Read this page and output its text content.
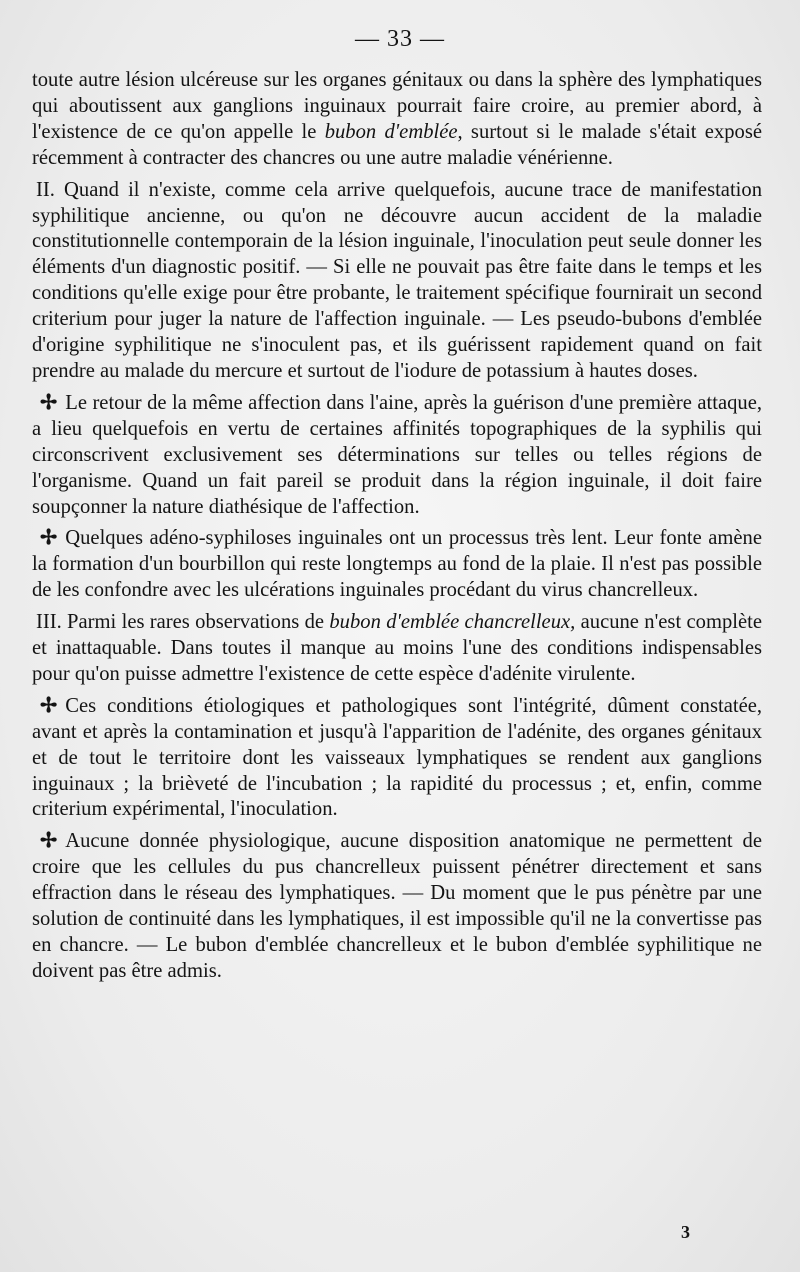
— 33 —

toute autre lésion ulcéreuse sur les organes génitaux ou dans la sphère des lymphatiques qui aboutissent aux ganglions inguinaux pourrait faire croire, au premier abord, à l'existence de ce qu'on appelle le bubon d'emblée, surtout si le malade s'était exposé récemment à contracter des chancres ou une autre maladie vénérienne.

II. Quand il n'existe, comme cela arrive quelquefois, aucune trace de manifestation syphilitique ancienne, ou qu'on ne découvre aucun accident de la maladie constitutionnelle contemporain de la lésion inguinale, l'inoculation peut seule donner les éléments d'un diagnostic positif. — Si elle ne pouvait pas être faite dans le temps et les conditions qu'elle exige pour être probante, le traitement spécifique fournirait un second criterium pour juger la nature de l'affection inguinale. — Les pseudo-bubons d'emblée d'origine syphilitique ne s'inoculent pas, et ils guérissent rapidement quand on fait prendre au malade du mercure et surtout de l'iodure de potassium à hautes doses.

✢ Le retour de la même affection dans l'aine, après la guérison d'une première attaque, a lieu quelquefois en vertu de certaines affinités topographiques de la syphilis qui circonscrivent exclusivement ses déterminations sur telles ou telles régions de l'organisme. Quand un fait pareil se produit dans la région inguinale, il doit faire soupçonner la nature diathésique de l'affection.

✢ Quelques adéno-syphiloses inguinales ont un processus très lent. Leur fonte amène la formation d'un bourbillon qui reste longtemps au fond de la plaie. Il n'est pas possible de les confondre avec les ulcérations inguinales procédant du virus chancrelleux.

III. Parmi les rares observations de bubon d'emblée chancrelleux, aucune n'est complète et inattaquable. Dans toutes il manque au moins l'une des conditions indispensables pour qu'on puisse admettre l'existence de cette espèce d'adénite virulente.

✢ Ces conditions étiologiques et pathologiques sont l'intégrité, dûment constatée, avant et après la contamination et jusqu'à l'apparition de l'adénite, des organes génitaux et de tout le territoire dont les vaisseaux lymphatiques se rendent aux ganglions inguinaux ; la brièveté de l'incubation ; la rapidité du processus ; et, enfin, comme criterium expérimental, l'inoculation.

✢ Aucune donnée physiologique, aucune disposition anatomique ne permettent de croire que les cellules du pus chancrelleux puissent pénétrer directement et sans effraction dans le réseau des lymphatiques. — Du moment que le pus pénètre par une solution de continuité dans les lymphatiques, il est impossible qu'il ne la convertisse pas en chancre. — Le bubon d'emblée chancrelleux et le bubon d'emblée syphilitique ne doivent pas être admis.

3
